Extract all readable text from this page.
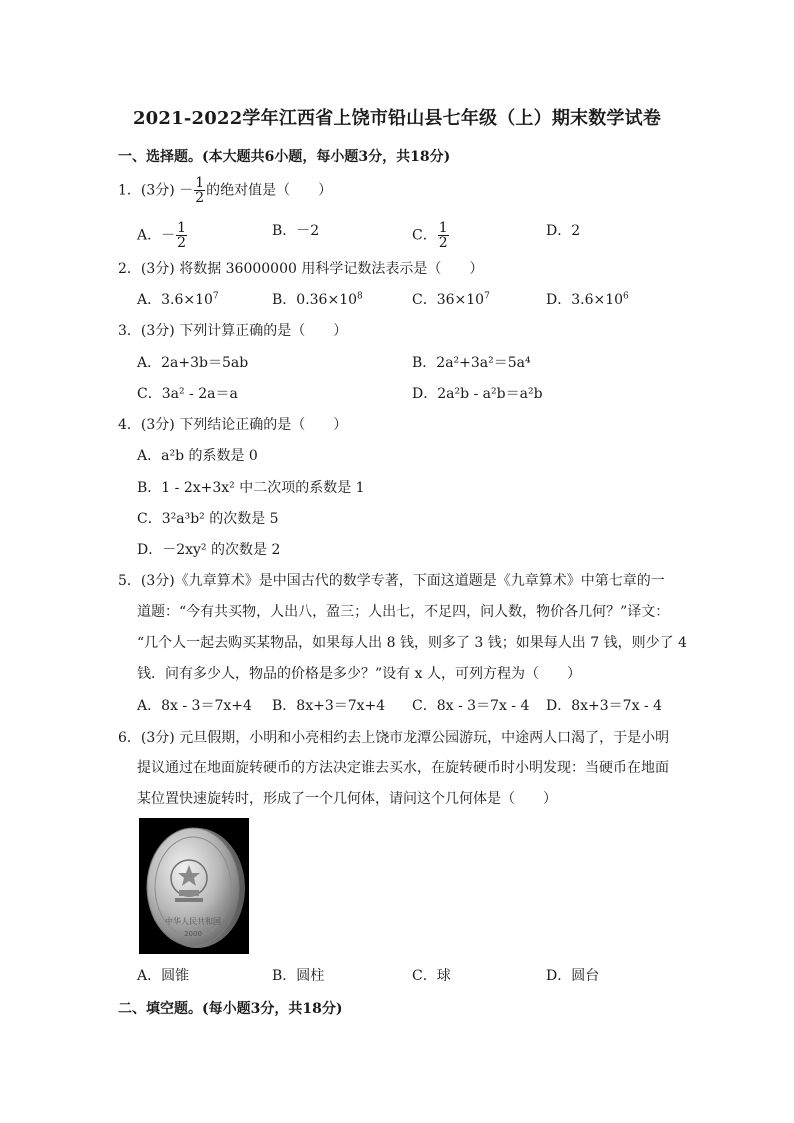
2021-2022学年江西省上饶市铅山县七年级（上）期末数学试卷
一、选择题。(本大题共6小题，每小题3分，共18分)
1．(3分) － $\frac{1}{2}$ 的绝对值是（　　）
A．－ $\frac{1}{2}$	B．－2	C． $\frac{1}{2}$	D．2
2．(3分) 将数据 36000000 用科学记数法表示是（　　）
A．$3.6\times 10^7$	B．$0.36\times 10^8$	C．$36\times 10^7$	D．$3.6\times 10^6$
3．(3分) 下列计算正确的是（　　）
A．2a+3b＝5ab	B．2a²+3a²＝5a⁴
C．3a² - 2a＝a	D．2a²b - a²b＝a²b
4．(3分) 下列结论正确的是（　　）
A．a²b 的系数是 0
B．1 - 2x+3x² 中二次项的系数是 1
C．3²a³b² 的次数是 5
D．－2xy² 的次数是 2
5．(3分)《九章算术》是中国古代的数学专著，下面这道题是《九章算术》中第七章的一
道题：“今有共买物，人出八，盈三；人出七，不足四，问人数，物价各几何？”译文：
“几个人一起去购买某物品，如果每人出 8 钱，则多了 3 钱；如果每人出 7 钱，则少了 4
钱．问有多少人，物品的价格是多少？”设有 x 人，可列方程为（　　）
A．8x - 3＝7x+4 B．8x+3＝7x+4 C．8x - 3＝7x - 4 D．8x+3＝7x - 4
6．(3分) 元旦假期，小明和小亮相约去上饶市龙潭公园游玩，中途两人口渴了，于是小明
提议通过在地面旋转硬币的方法决定谁去买水，在旋转硬币时小明发现：当硬币在地面
某位置快速旋转时，形成了一个几何体，请问这个几何体是（　　）
中华人民共和国
2000
A．圆锥	B．圆柱	C．球	D．圆台
二、填空题。(每小题3分，共18分)
